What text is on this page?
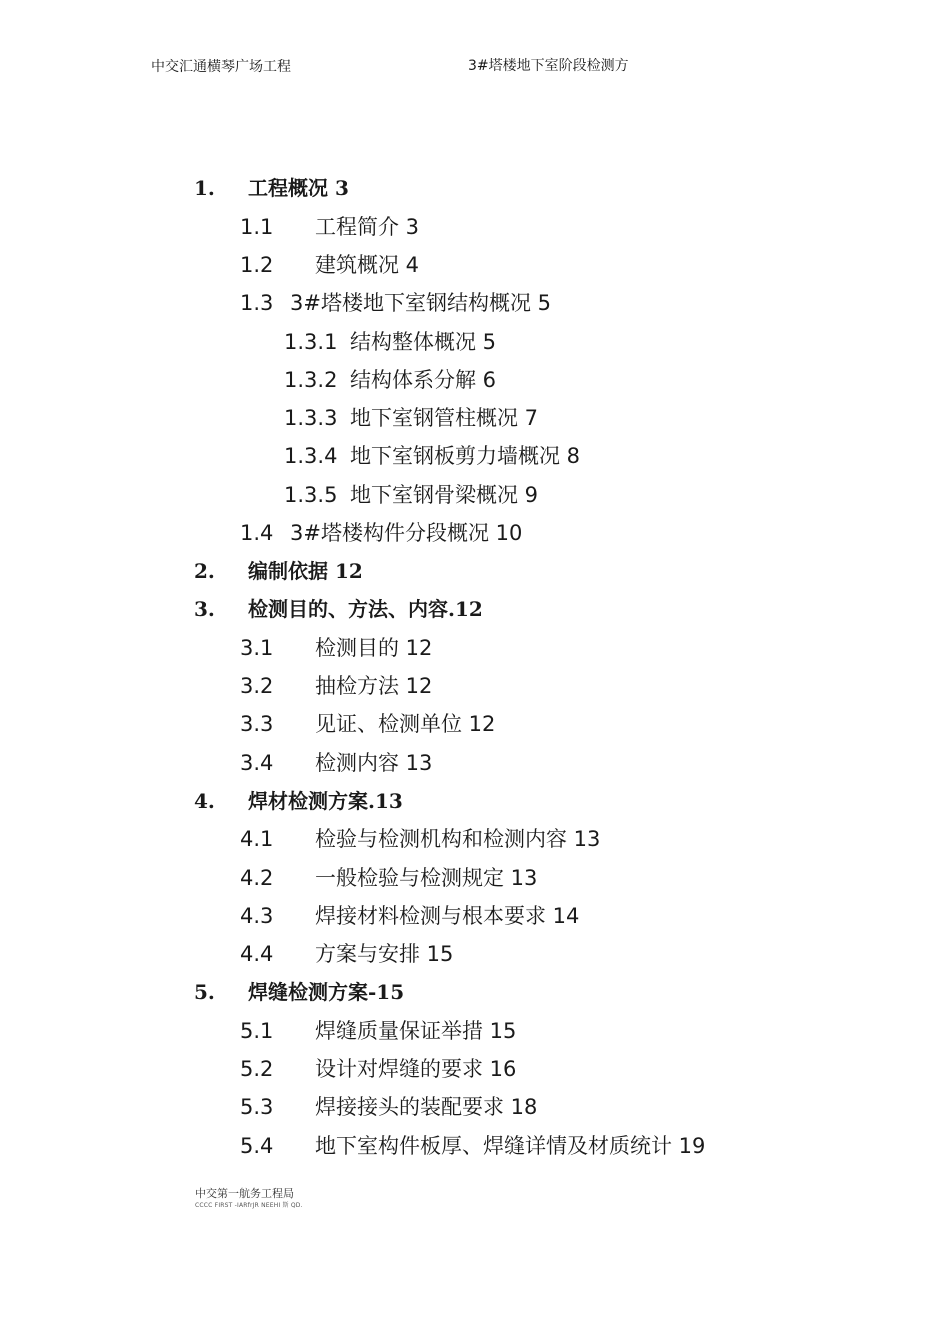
中交汇通横琴广场工程	3#塔楼地下室阶段检测方
1. 工程概况 3
1.1 工程简介 3
1.2 建筑概况 4
1.3 3#塔楼地下室钢结构概况 5
1.3.1 结构整体概况 5
1.3.2 结构体系分解 6
1.3.3 地下室钢管柱概况 7
1.3.4 地下室钢板剪力墙概况 8
1.3.5 地下室钢骨梁概况 9
1.4 3#塔楼构件分段概况 10
2. 编制依据 12
3. 检测目的、方法、内容.12
3.1 检测目的 12
3.2 抽检方法 12
3.3 见证、检测单位 12
3.4 检测内容 13
4. 焊材检测方案.13
4.1 检验与检测机构和检测内容 13
4.2 一般检验与检测规定 13
4.3 焊接材料检测与根本要求 14
4.4 方案与安排 15
5. 焊缝检测方案-15
5.1 焊缝质量保证举措 15
5.2 设计对焊缝的要求 16
5.3 焊接接头的装配要求 18
5.4 地下室构件板厚、焊缝详情及材质统计 19
中交第一航务工程局
CCCC FIRST -IARfrJR NEEHI 斯 QD.
